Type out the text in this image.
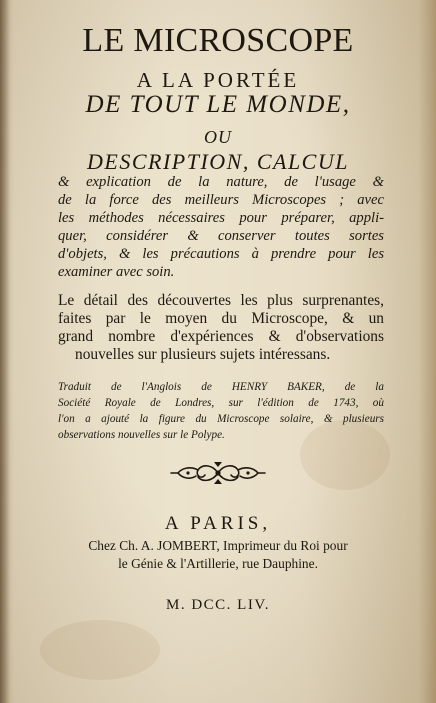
LE MICROSCOPE
A LA PORTÉE
DE TOUT LE MONDE,
OU
DESCRIPTION, CALCUL
& explication de la nature, de l'usage &
de la force des meilleurs Microscopes ; avec
les méthodes nécessaires pour préparer, appli-
quer, considérer & conserver toutes sortes
d'objets, & les précautions à prendre pour les
examiner avec soin.
Le détail des découvertes les plus surprenantes,
faites par le moyen du Microscope, & un
grand nombre d'expériences & d'observations
nouvelles sur plusieurs sujets intéressans.
Traduit de l'Anglois de HENRY BAKER, de la
Société Royale de Londres, sur l'édition de 1743, où
l'on a ajouté la figure du Microscope solaire, & plusieurs
observations nouvelles sur le Polype.
A PARIS,
Chez Ch. A. JOMBERT, Imprimeur du Roi pour
le Génie & l'Artillerie, rue Dauphine.
M. DCC. LIV.
